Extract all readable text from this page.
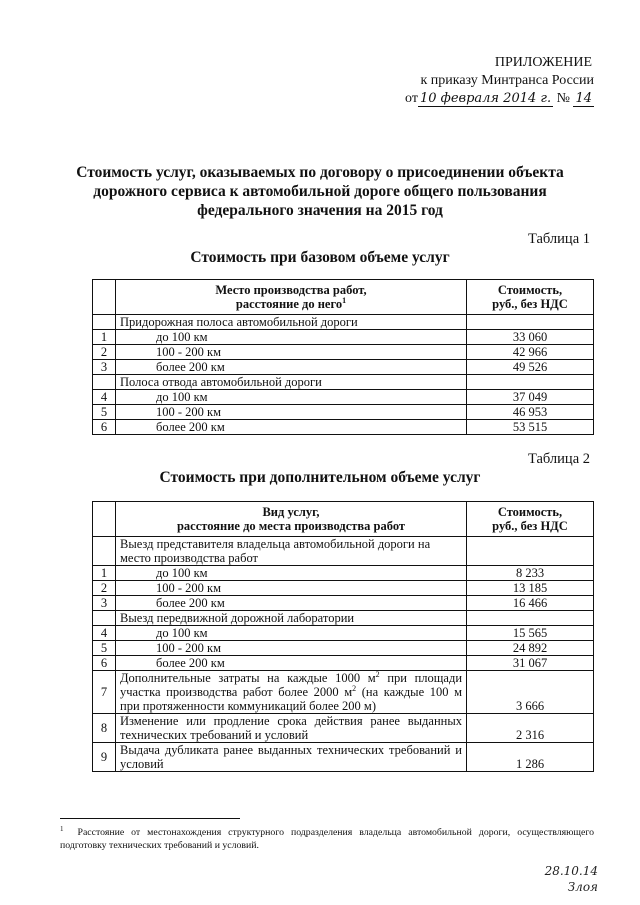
ПРИЛОЖЕНИЕ
к приказу Минтранса России
от 10 февраля 2014 г. № 14
Стоимость услуг, оказываемых по договору о присоединении объекта дорожного сервиса к автомобильной дороге общего пользования федерального значения на 2015 год
Таблица 1
Стоимость при базовом объеме услуг
	Место производства работ,
расстояние до него$^1$	Стоимость,
руб., без НДС
	Придорожная полоса автомобильной дороги	
1	до 100 км	33 060
2	100 - 200 км	42 966
3	более 200 км	49 526
	Полоса отвода автомобильной дороги	
4	до 100 км	37 049
5	100 - 200 км	46 953
6	более 200 км	53 515
Таблица 2
Стоимость при дополнительном объеме услуг
	Вид услуг,
расстояние до места производства работ	Стоимость,
руб., без НДС
	Выезд представителя владельца автомобильной дороги на место производства работ	
1	до 100 км	8 233
2	100 - 200 км	13 185
3	более 200 км	16 466
	Выезд передвижной дорожной лаборатории	
4	до 100 км	15 565
5	100 - 200 км	24 892
6	более 200 км	31 067
7	Дополнительные затраты на каждые 1000 $м^2$ при площади участка производства работ более 2000 $м^2$ (на каждые 100 м при протяженности коммуникаций более 200 м)	3 666
8	Изменение или продление срока действия ранее выданных технических требований и условий	2 316
9	Выдача дубликата ранее выданных технических требований и условий	1 286
$^1$ Расстояние от местонахождения структурного подразделения владельца автомобильной дороги, осуществляющего подготовку технических требований и условий.
28.10.14
Злоя
